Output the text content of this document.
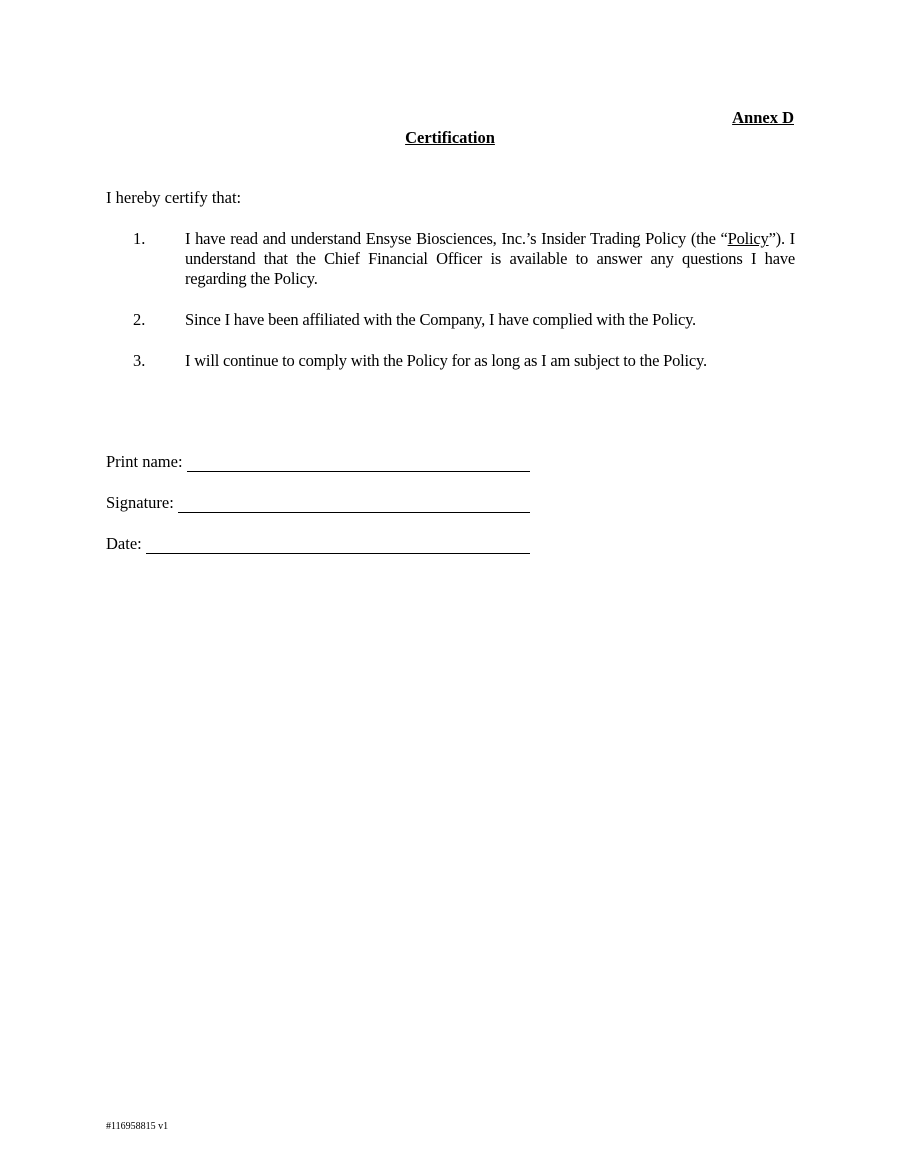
Annex D
Certification
I hereby certify that:
1.	I have read and understand Ensyse Biosciences, Inc.’s Insider Trading Policy (the “Policy”). I understand that the Chief Financial Officer is available to answer any questions I have regarding the Policy.
2.	Since I have been affiliated with the Company, I have complied with the Policy.
3.	I will continue to comply with the Policy for as long as I am subject to the Policy.
Print name:
Signature:
Date:
#116958815 v1
